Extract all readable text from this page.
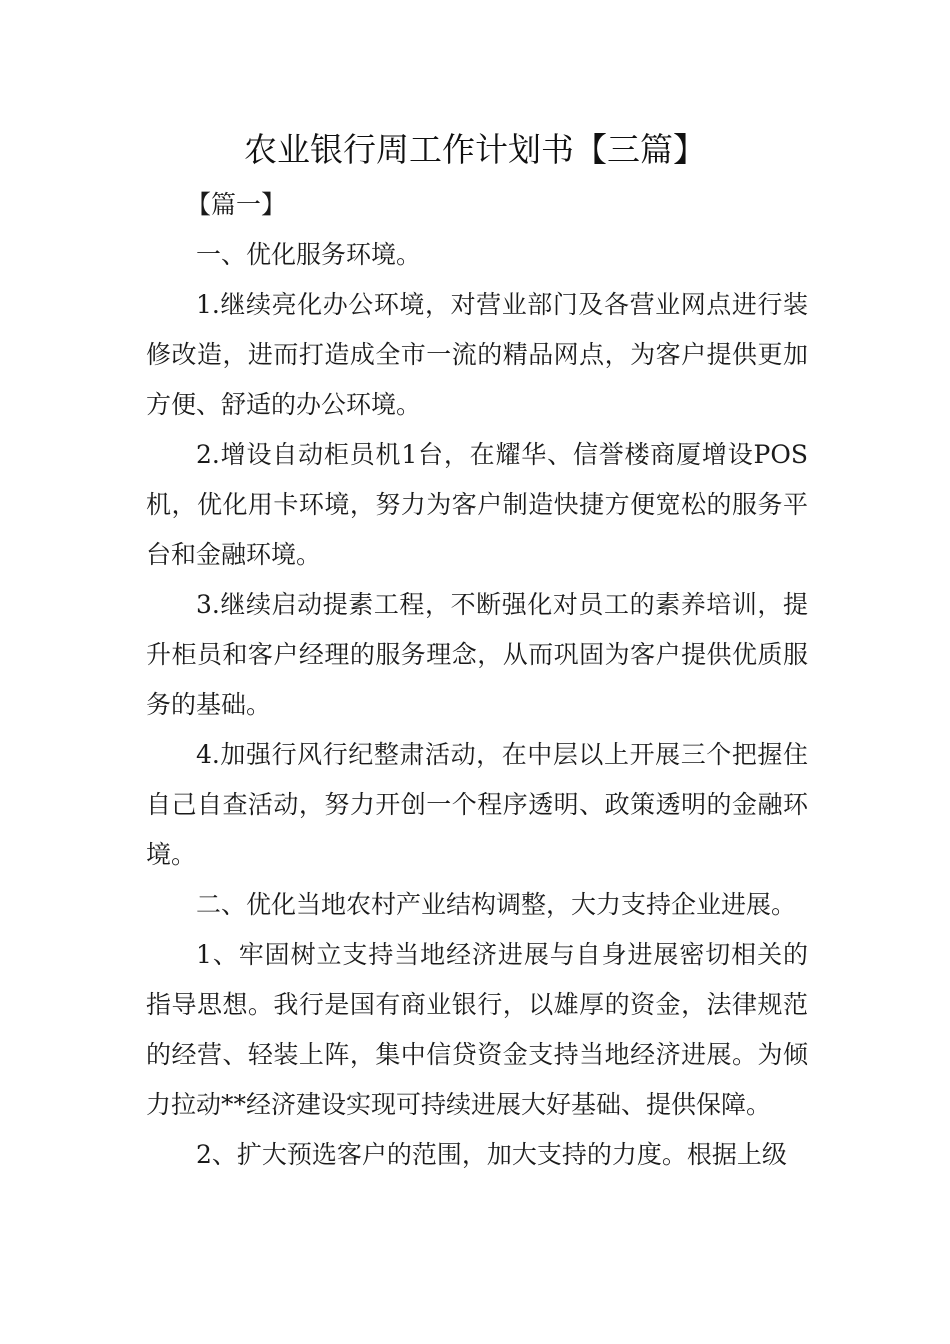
农业银行周工作计划书【三篇】

【篇一】

一、优化服务环境。

1.继续亮化办公环境，对营业部门及各营业网点进行装修改造，进而打造成全市一流的精品网点，为客户提供更加方便、舒适的办公环境。

2.增设自动柜员机1台，在耀华、信誉楼商厦增设POS机，优化用卡环境，努力为客户制造快捷方便宽松的服务平台和金融环境。

3.继续启动提素工程，不断强化对员工的素养培训，提升柜员和客户经理的服务理念，从而巩固为客户提供优质服务的基础。

4.加强行风行纪整肃活动，在中层以上开展三个把握住自己自查活动，努力开创一个程序透明、政策透明的金融环境。

二、优化当地农村产业结构调整，大力支持企业进展。

1、牢固树立支持当地经济进展与自身进展密切相关的指导思想。我行是国有商业银行，以雄厚的资金，法律规范的经营、轻装上阵，集中信贷资金支持当地经济进展。为倾力拉动**经济建设实现可持续进展大好基础、提供保障。

2、扩大预选客户的范围，加大支持的力度。根据上级
